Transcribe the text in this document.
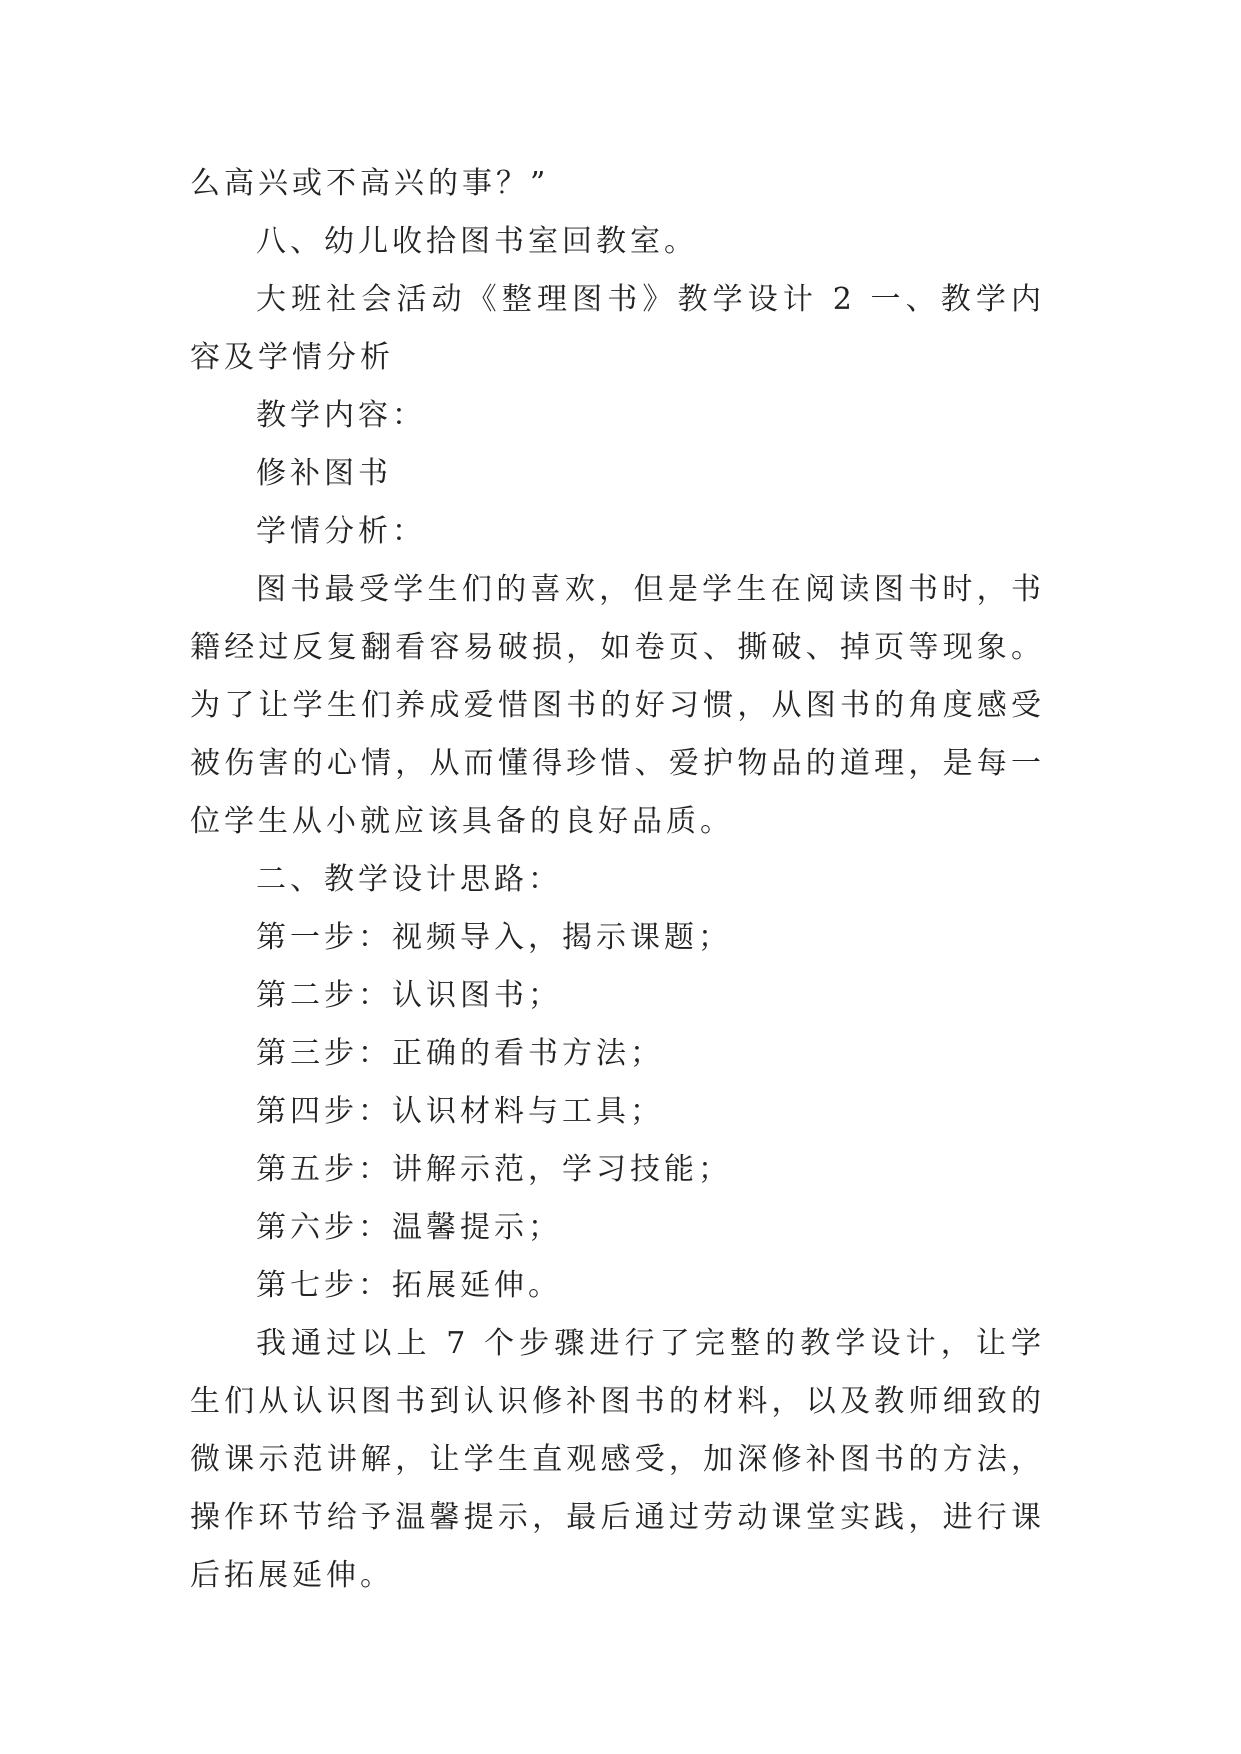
么高兴或不高兴的事？”

八、幼儿收拾图书室回教室。

大班社会活动《整理图书》教学设计 2 一、教学内容及学情分析

教学内容：

修补图书

学情分析：

图书最受学生们的喜欢，但是学生在阅读图书时，书籍经过反复翻看容易破损，如卷页、撕破、掉页等现象。为了让学生们养成爱惜图书的好习惯，从图书的角度感受被伤害的心情，从而懂得珍惜、爱护物品的道理，是每一位学生从小就应该具备的良好品质。

二、教学设计思路：

第一步：视频导入，揭示课题；

第二步：认识图书；

第三步：正确的看书方法；

第四步：认识材料与工具；

第五步：讲解示范，学习技能；

第六步：温馨提示；

第七步：拓展延伸。

我通过以上 7 个步骤进行了完整的教学设计，让学生们从认识图书到认识修补图书的材料，以及教师细致的微课示范讲解，让学生直观感受，加深修补图书的方法，操作环节给予温馨提示，最后通过劳动课堂实践，进行课后拓展延伸。
